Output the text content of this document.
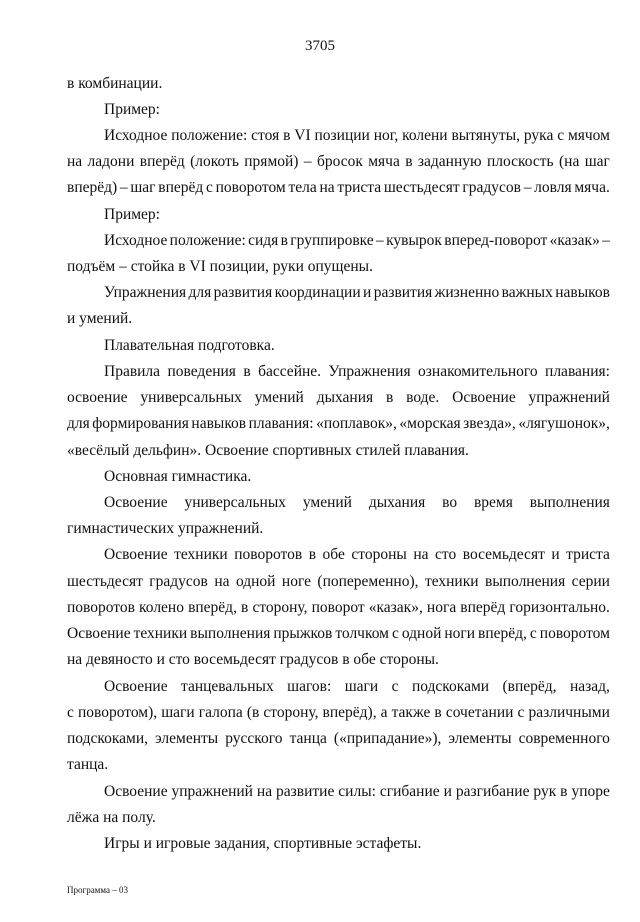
3705
в комбинации.
Пример:
Исходное положение: стоя в VI позиции ног, колени вытянуты, рука с мячом
на ладони вперёд (локоть прямой) – бросок мяча в заданную плоскость (на шаг
вперёд) – шаг вперёд с поворотом тела на триста шестьдесят градусов – ловля мяча.
Пример:
Исходное положение: сидя в группировке – кувырок вперед-поворот «казак» –
подъём – стойка в VI позиции, руки опущены.
Упражнения для развития координации и развития жизненно важных навыков
и умений.
Плавательная подготовка.
Правила поведения в бассейне. Упражнения ознакомительного плавания:
освоение универсальных умений дыхания в воде. Освоение упражнений
для формирования навыков плавания: «поплавок», «морская звезда», «лягушонок»,
«весёлый дельфин». Освоение спортивных стилей плавания.
Основная гимнастика.
Освоение универсальных умений дыхания во время выполнения
гимнастических упражнений.
Освоение техники поворотов в обе стороны на сто восемьдесят и триста
шестьдесят градусов на одной ноге (попеременно), техники выполнения серии
поворотов колено вперёд, в сторону, поворот «казак», нога вперёд горизонтально.
Освоение техники выполнения прыжков толчком с одной ноги вперёд, с поворотом
на девяносто и сто восемьдесят градусов в обе стороны.
Освоение танцевальных шагов: шаги с подскоками (вперёд, назад,
с поворотом), шаги галопа (в сторону, вперёд), а также в сочетании с различными
подскоками, элементы русского танца («припадание»), элементы современного
танца.
Освоение упражнений на развитие силы: сгибание и разгибание рук в упоре
лёжа на полу.
Игры и игровые задания, спортивные эстафеты.
Программа – 03
